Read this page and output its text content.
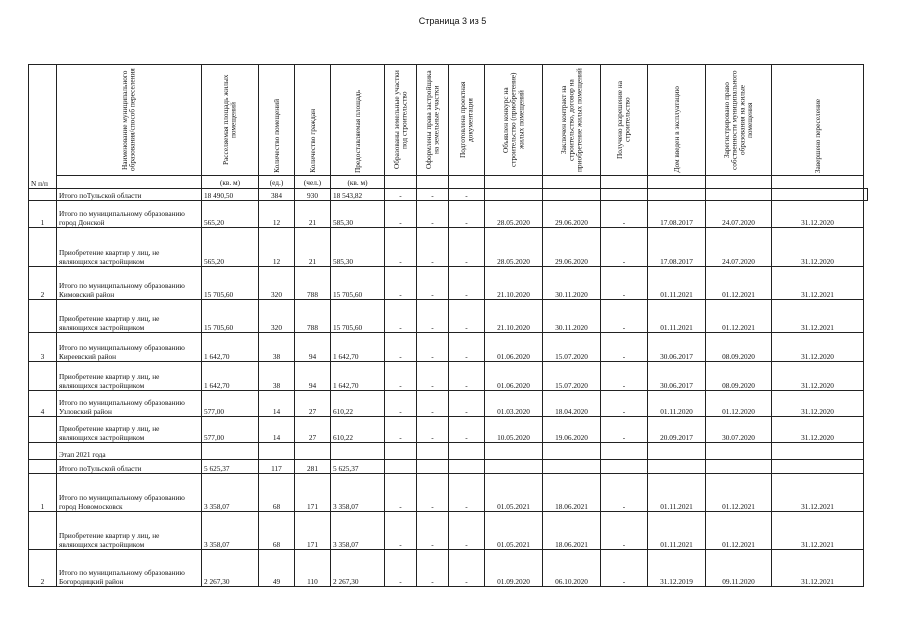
Страница 3 из 5
N п/п	Наименование муниципального образования/способ переселения	Расселяемая площадь жилых помещений	Количество помещений	Количество граждан	Предоставляемая площадь	Образованы земельные участки под строительство	Оформлены права застройщика на земельные участки	Подготовлена проектная документация	Объявлен конкурс на строительство (приобретение) жилых помещений	Заключен контракт на строительство, договор на приобретение жилых помещений	Получено разрешение на строительство	Дом введен в эксплуатацию	Зарегистрировано право собственности муниципального образования на жилые помещения	Завершено переселение	
		(кв. м)	(ед.)	(чел.)	(кв. м)										
	Итого поТульской области	18 490,50	384	930	18 543,82	-	-	-							
1	Итого по муниципальному образованию город Донской	565,20	12	21	585,30	-	-	-	28.05.2020	29.06.2020	-	17.08.2017	24.07.2020	31.12.2020	
	Приобретение квартир у лиц, не являющихся застройщиком	565,20	12	21	585,30	-	-	-	28.05.2020	29.06.2020	-	17.08.2017	24.07.2020	31.12.2020	
2	Итого по муниципальному образованию Кимовский район	15 705,60	320	788	15 705,60	-	-	-	21.10.2020	30.11.2020	-	01.11.2021	01.12.2021	31.12.2021	
	Приобретение квартир у лиц, не являющихся застройщиком	15 705,60	320	788	15 705,60	-	-	-	21.10.2020	30.11.2020	-	01.11.2021	01.12.2021	31.12.2021	
3	Итого по муниципальному образованию Киреевский район	1 642,70	38	94	1 642,70	-	-	-	01.06.2020	15.07.2020	-	30.06.2017	08.09.2020	31.12.2020	
	Приобретение квартир у лиц, не являющихся застройщиком	1 642,70	38	94	1 642,70	-	-	-	01.06.2020	15.07.2020	-	30.06.2017	08.09.2020	31.12.2020	
4	Итого по муниципальному образованию Узловский район	577,00	14	27	610,22	-	-	-	01.03.2020	18.04.2020	-	01.11.2020	01.12.2020	31.12.2020	
	Приобретение квартир у лиц, не являющихся застройщиком	577,00	14	27	610,22	-	-	-	10.05.2020	19.06.2020	-	20.09.2017	30.07.2020	31.12.2020	
	Этап 2021 года														
	Итого поТульской области	5 625,37	117	281	5 625,37										
1	Итого по муниципальному образованию город Новомосковск	3 358,07	68	171	3 358,07	-	-	-	01.05.2021	18.06.2021	-	01.11.2021	01.12.2021	31.12.2021	
	Приобретение квартир у лиц, не являющихся застройщиком	3 358,07	68	171	3 358,07	-	-	-	01.05.2021	18.06.2021	-	01.11.2021	01.12.2021	31.12.2021	
2	Итого по муниципальному образованию Богородицкий район	2 267,30	49	110	2 267,30	-	-	-	01.09.2020	06.10.2020	-	31.12.2019	09.11.2020	31.12.2021	
